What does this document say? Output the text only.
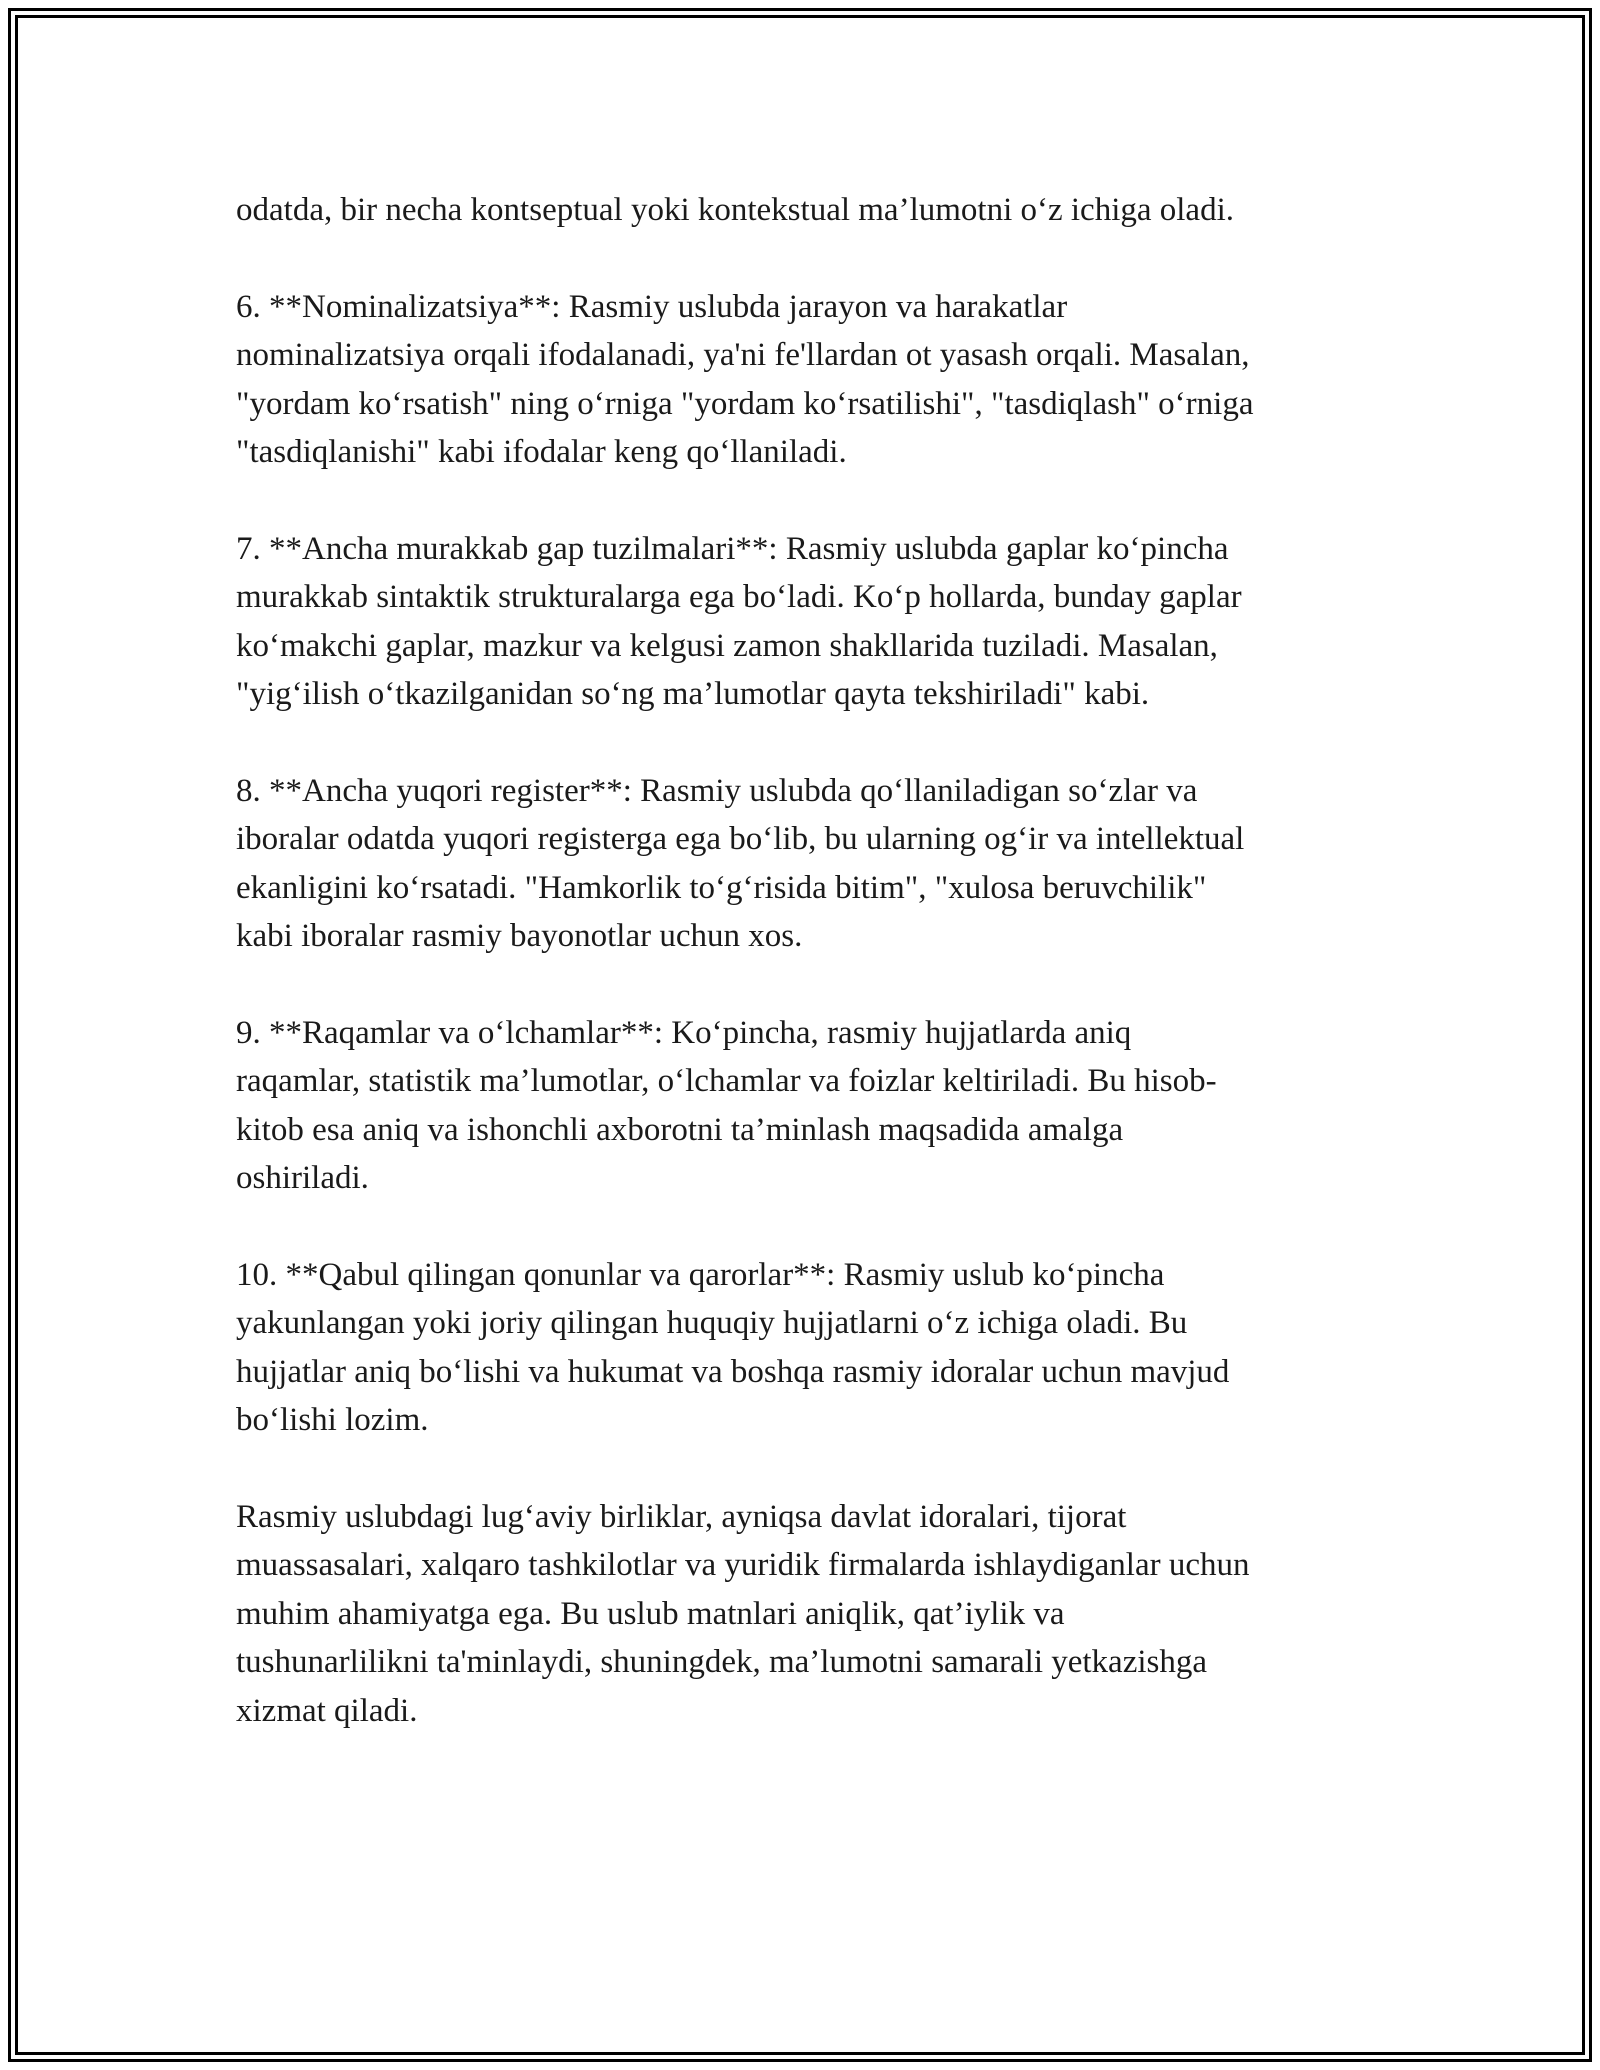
odatda, bir necha kontseptual yoki kontekstual ma’lumotni o‘z ichiga oladi.

6. **Nominalizatsiya**: Rasmiy uslubda jarayon va harakatlar
nominalizatsiya orqali ifodalanadi, ya'ni fe'llardan ot yasash orqali. Masalan,
"yordam ko‘rsatish" ning o‘rniga "yordam ko‘rsatilishi", "tasdiqlash" o‘rniga
"tasdiqlanishi" kabi ifodalar keng qo‘llaniladi.

7. **Ancha murakkab gap tuzilmalari**: Rasmiy uslubda gaplar ko‘pincha
murakkab sintaktik strukturalarga ega bo‘ladi. Ko‘p hollarda, bunday gaplar
ko‘makchi gaplar, mazkur va kelgusi zamon shakllarida tuziladi. Masalan,
"yig‘ilish o‘tkazilganidan so‘ng ma’lumotlar qayta tekshiriladi" kabi.

8. **Ancha yuqori register**: Rasmiy uslubda qo‘llaniladigan so‘zlar va
iboralar odatda yuqori registerga ega bo‘lib, bu ularning og‘ir va intellektual
ekanligini ko‘rsatadi. "Hamkorlik to‘g‘risida bitim", "xulosa beruvchilik"
kabi iboralar rasmiy bayonotlar uchun xos.

9. **Raqamlar va o‘lchamlar**: Ko‘pincha, rasmiy hujjatlarda aniq
raqamlar, statistik ma’lumotlar, o‘lchamlar va foizlar keltiriladi. Bu hisob-
kitob esa aniq va ishonchli axborotni ta’minlash maqsadida amalga
oshiriladi.

10. **Qabul qilingan qonunlar va qarorlar**: Rasmiy uslub ko‘pincha
yakunlangan yoki joriy qilingan huquqiy hujjatlarni o‘z ichiga oladi. Bu
hujjatlar aniq bo‘lishi va hukumat va boshqa rasmiy idoralar uchun mavjud
bo‘lishi lozim.

Rasmiy uslubdagi lug‘aviy birliklar, ayniqsa davlat idoralari, tijorat
muassasalari, xalqaro tashkilotlar va yuridik firmalarda ishlaydiganlar uchun
muhim ahamiyatga ega. Bu uslub matnlari aniqlik, qat’iylik va
tushunarlilikni ta'minlaydi, shuningdek, ma’lumotni samarali yetkazishga
xizmat qiladi.
